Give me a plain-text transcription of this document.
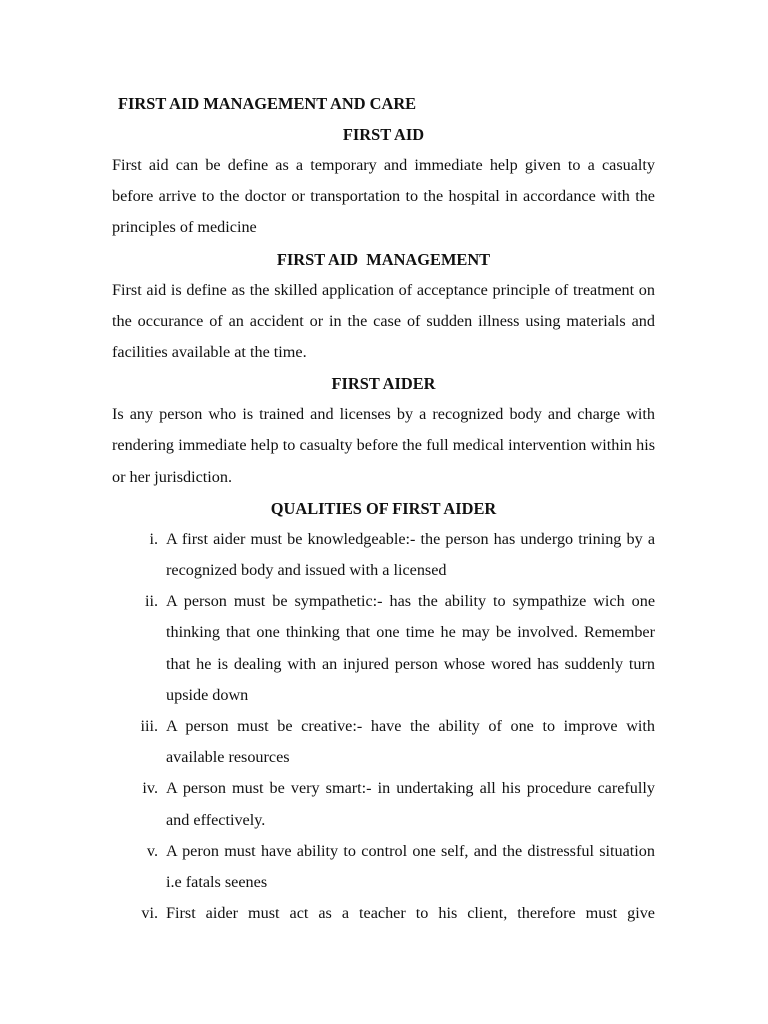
FIRST AID MANAGEMENT AND CARE
FIRST AID

First aid can be define as a temporary and immediate help given to a casualty before arrive to the doctor or transportation to the hospital in accordance with the principles of medicine

FIRST AID  MANAGEMENT

First aid is define as the skilled application of acceptance principle of treatment on the occurance of an accident or in the case of sudden illness using materials and facilities available at the time.

FIRST AIDER

Is any person who is trained and licenses by a recognized body and charge with rendering immediate help to casualty before the full medical intervention within his or her jurisdiction.

QUALITIES OF FIRST AIDER
i. A first aider must be knowledgeable:- the person has undergo trining by a recognized body and issued with a licensed
ii. A person must be sympathetic:- has the ability to sympathize wich one thinking that one thinking that one time he may be involved. Remember that he is dealing with an injured person whose wored has suddenly turn upside down
iii. A person must be creative:- have the ability of one to improve with available resources
iv. A person must be very smart:- in undertaking all his procedure carefully and effectively.
v. A peron must have ability to control one self, and the distressful situation i.e fatals seenes
vi. First aider must act as a teacher to his client, therefore must give
